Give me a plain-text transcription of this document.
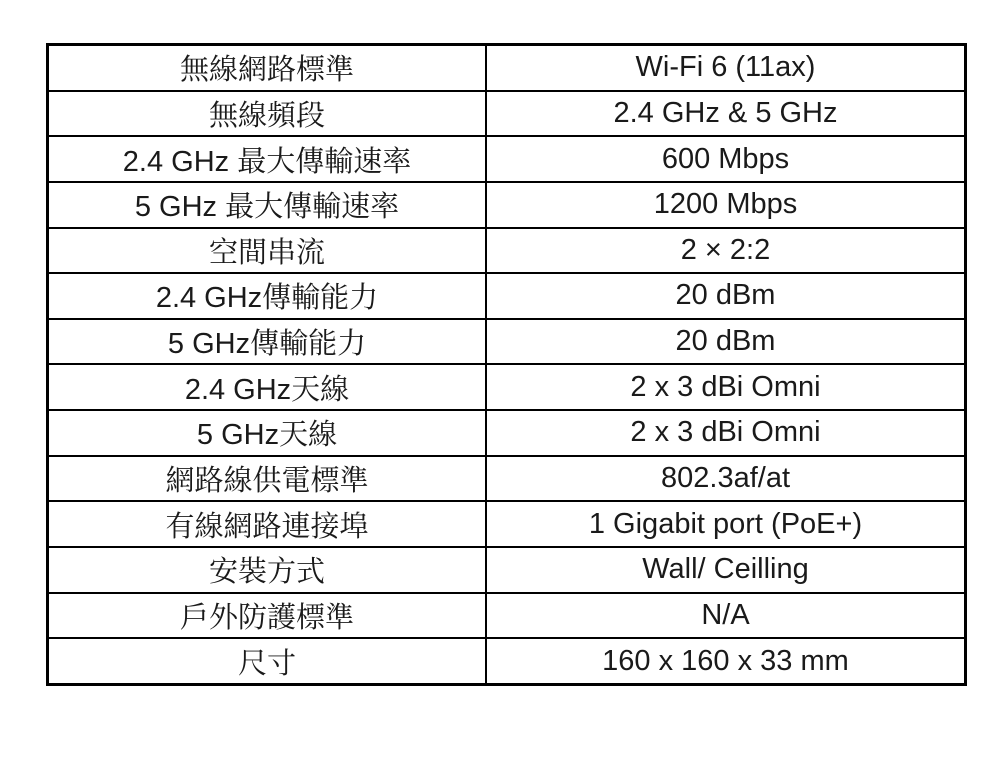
無線網路標準	Wi-Fi 6 (11ax)
無線頻段	2.4 GHz & 5 GHz
2.4 GHz 最大傳輸速率	600 Mbps
5 GHz 最大傳輸速率	1200 Mbps
空間串流	2 × 2:2
2.4 GHz傳輸能力	20 dBm
5 GHz傳輸能力	20 dBm
2.4 GHz天線	2 x 3 dBi Omni
5 GHz天線	2 x 3 dBi Omni
網路線供電標準	802.3af/at
有線網路連接埠	1 Gigabit port (PoE+)
安裝方式	Wall/ Ceilling
戶外防護標準	N/A
尺寸	160 x 160 x 33 mm
